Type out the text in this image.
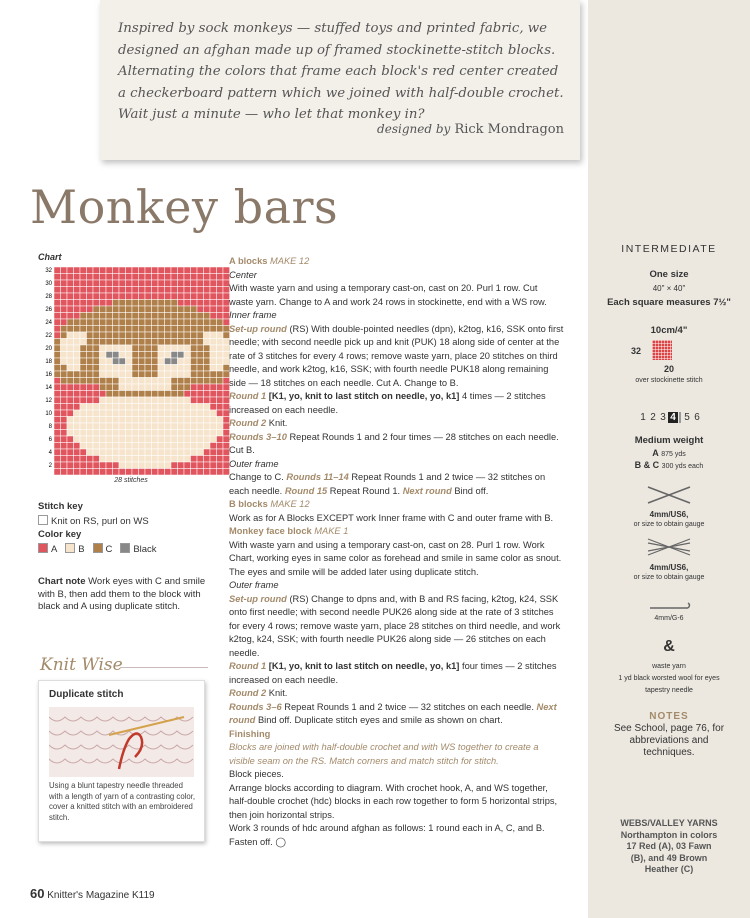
Inspired by sock monkeys — stuffed toys and printed fabric, we designed an afghan made up of framed stockinette-stitch blocks. Alternating the colors that frame each block's red center created a checkerboard pattern which we joined with half-double crochet. Wait just a minute — who let that monkey in?
designed by Rick Mondragon
Monkey bars
Chart
32
30
28
26
24
22
20
18
16
14
12
10
8
6
4
2
28 stitches
Stitch key
Knit on RS, purl on WS
Color key
A B C Black
Chart note Work eyes with C and smile with B, then add them to the block with black and A using duplicate stitch.
Knit Wise
Duplicate stitch
Using a blunt tapestry needle threaded with a length of yarn of a contrasting color, cover a knitted stitch with an embroidered stitch.

A blocks MAKE 12

Center

With waste yarn and using a temporary cast-on, cast on 20. Purl 1 row. Cut waste yarn. Change to A and work 24 rows in stockinette, end with a WS row.

Inner frame

Set-up round (RS) With double-pointed needles (dpn), k2tog, k16, SSK onto first needle; with second needle pick up and knit (PUK) 18 along side of center at the rate of 3 stitches for every 4 rows; remove waste yarn, place 20 stitches on third needle, and work k2tog, k16, SSK; with fourth needle PUK18 along remaining side — 18 stitches on each needle. Cut A. Change to B.

Round 1 [K1, yo, knit to last stitch on needle, yo, k1] 4 times — 2 stitches increased on each needle.

Round 2 Knit.

Rounds 3–10 Repeat Rounds 1 and 2 four times — 28 stitches on each needle. Cut B.

Outer frame

Change to C. Rounds 11–14 Repeat Rounds 1 and 2 twice — 32 stitches on each needle. Round 15 Repeat Round 1. Next round Bind off.

B blocks MAKE 12

Work as for A Blocks EXCEPT work Inner frame with C and outer frame with B.

Monkey face block MAKE 1

With waste yarn and using a temporary cast-on, cast on 28. Purl 1 row. Work Chart, working eyes in same color as forehead and smile in same color as snout. The eyes and smile will be added later using duplicate stitch.

Outer frame

Set-up round (RS) Change to dpns and, with B and RS facing, k2tog, k24, SSK onto first needle; with second needle PUK26 along side at the rate of 3 stitches for every 4 rows; remove waste yarn, place 28 stitches on third needle, and work k2tog, k24, SSK; with fourth needle PUK26 along side — 26 stitches on each needle.

Round 1 [K1, yo, knit to last stitch on needle, yo, k1] four times — 2 stitches increased on each needle.

Round 2 Knit.

Rounds 3–6 Repeat Rounds 1 and 2 twice — 32 stitches on each needle. Next round Bind off. Duplicate stitch eyes and smile as shown on chart.

Finishing

Blocks are joined with half-double crochet and with WS together to create a visible seam on the RS. Match corners and match stitch for stitch.

Block pieces.

Arrange blocks according to diagram. With crochet hook, A, and WS together, half-double crochet (hdc) blocks in each row together to form 5 horizontal strips, then join horizontal strips.

Work 3 rounds of hdc around afghan as follows: 1 round each in A, C, and B. Fasten off. ◯

INTERMEDIATE
One size
40" × 40"
Each square measures 7½"
10cm/4"
32
20
over stockinette stitch
1 2 3 4 5 6
Medium weight
A 875 yds
B & C 300 yds each
4mm/US6,
or size to obtain gauge
4mm/US6,
or size to obtain gauge
4mm/G-6
&
waste yarn
1 yd black worsted wool for eyes
tapestry needle
NOTES
See School, page 76, for abbreviations and techniques.
WEBS/VALLEY YARNS
Northampton in colors
17 Red (A), 03 Fawn
(B), and 49 Brown
Heather (C)
60 Knitter's Magazine K119
